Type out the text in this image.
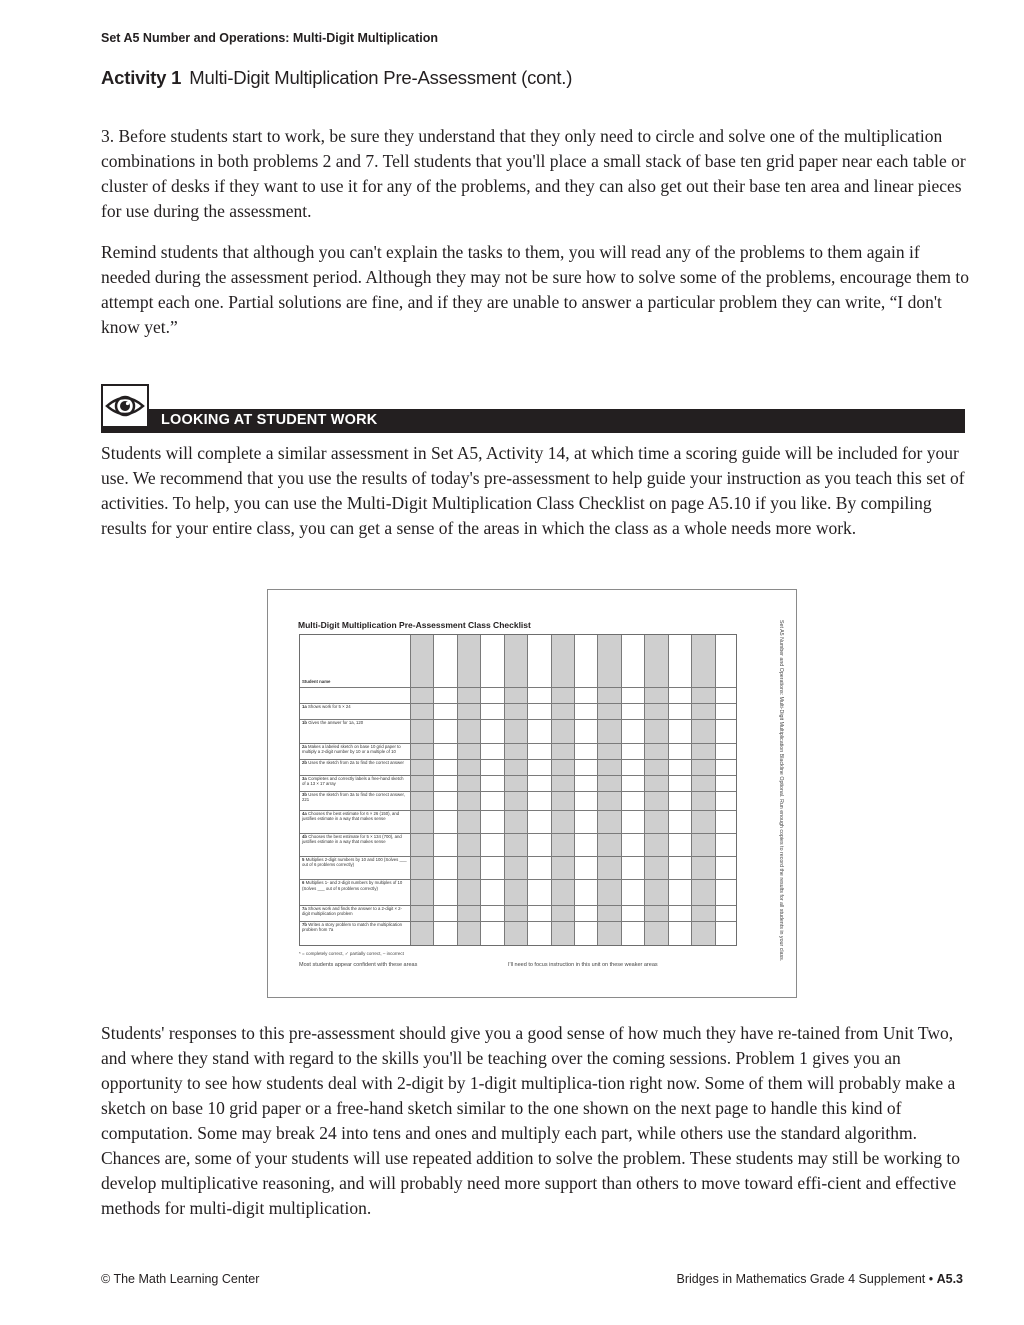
Set A5 Number and Operations: Multi-Digit Multiplication
Activity 1 Multi-Digit Multiplication Pre-Assessment (cont.)

3. Before students start to work, be sure they understand that they only need to circle and solve one of the multiplication combinations in both problems 2 and 7. Tell students that you'll place a small stack of base ten grid paper near each table or cluster of desks if they want to use it for any of the problems, and they can also get out their base ten area and linear pieces for use during the assessment.

Remind students that although you can't explain the tasks to them, you will read any of the problems to them again if needed during the assessment period. Although they may not be sure how to solve some of the problems, encourage them to attempt each one. Partial solutions are fine, and if they are unable to answer a particular problem they can write, “I don't know yet.”

LOOKING AT STUDENT WORK

Students will complete a similar assessment in Set A5, Activity 14, at which time a scoring guide will be included for your use. We recommend that you use the results of today's pre-assessment to help guide your instruction as you teach this set of activities. To help, you can use the Multi-Digit Multiplication Class Checklist on page A5.10 if you like. By compiling results for your entire class, you can get a sense of the areas in which the class as a whole needs more work.

Multi-Digit Multiplication Pre-Assessment Class Checklist
Student name
1a Shows work for 5 × 24
1b Gives the answer for 1a, 120
2a Makes a labeled sketch on base 10 grid paper to multiply a 2-digit number by 10 or a multiple of 10
2b Uses the sketch from 2a to find the correct answer
3a Completes and correctly labels a free-hand sketch of a 13 × 17 array
3b Uses the sketch from 3a to find the correct answer, 221
4a Chooses the best estimate for 6 × 26 (150), and justifies estimate in a way that makes sense
4b Chooses the best estimate for 5 × 134 (700), and justifies estimate in a way that makes sense
5 Multiplies 2-digit numbers by 10 and 100 (Solves ___ out of 6 problems correctly)
6 Multiplies 1- and 2-digit numbers by multiples of 10 (Solves ___ out of 6 problems correctly)
7a Shows work and finds the answer to a 2-digit × 2-digit multiplication problem
7b Writes a story problem to match the multiplication problem from 7a
* = completely correct, ✓ partially correct, – incorrect
Most students appear confident with these areas	I'll need to focus instruction in this unit on these weaker areas
Set A5 Number and Operations: Multi-Digit Multiplication Blackline Optional. Run enough copies to record the results for all students in your class.

Students' responses to this pre-assessment should give you a good sense of how much they have re-tained from Unit Two, and where they stand with regard to the skills you'll be teaching over the coming sessions. Problem 1 gives you an opportunity to see how students deal with 2-digit by 1-digit multiplica-tion right now. Some of them will probably make a sketch on base 10 grid paper or a free-hand sketch similar to the one shown on the next page to handle this kind of computation. Some may break 24 into tens and ones and multiply each part, while others use the standard algorithm. Chances are, some of your students will use repeated addition to solve the problem. These students may still be working to develop multiplicative reasoning, and will probably need more support than others to move toward effi-cient and effective methods for multi-digit multiplication.

© The Math Learning Center	Bridges in Mathematics Grade 4 Supplement • A5.3
